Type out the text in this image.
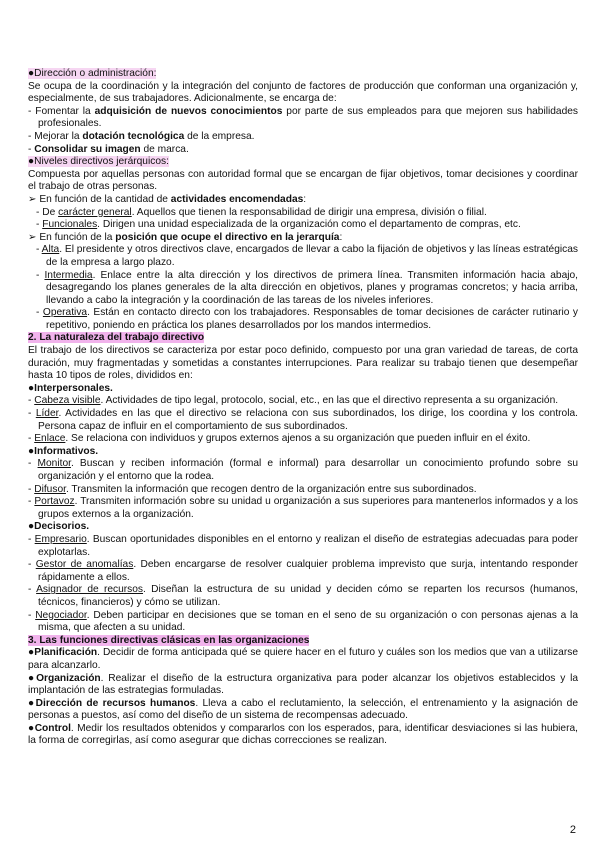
●Dirección o administración:

Se ocupa de la coordinación y la integración del conjunto de factores de producción que conforman una organización y, especialmente, de sus trabajadores. Adicionalmente, se encarga de:

- Fomentar la adquisición de nuevos conocimientos por parte de sus empleados para que mejoren sus habilidades profesionales.

- Mejorar la dotación tecnológica de la empresa.

- Consolidar su imagen de marca.

●Niveles directivos jerárquicos:

Compuesta por aquellas personas con autoridad formal que se encargan de fijar objetivos, tomar decisiones y coordinar el trabajo de otras personas.

➢ En función de la cantidad de actividades encomendadas:

- De carácter general. Aquellos que tienen la responsabilidad de dirigir una empresa, división o filial.

- Funcionales. Dirigen una unidad especializada de la organización como el departamento de compras, etc.

➢ En función de la posición que ocupe el directivo en la jerarquía:

- Alta. El presidente y otros directivos clave, encargados de llevar a cabo la fijación de objetivos y las líneas estratégicas de la empresa a largo plazo.

- Intermedia. Enlace entre la alta dirección y los directivos de primera línea. Transmiten información hacia abajo, desagregando los planes generales de la alta dirección en objetivos, planes y programas concretos; y hacia arriba, llevando a cabo la integración y la coordinación de las tareas de los niveles inferiores.

- Operativa. Están en contacto directo con los trabajadores. Responsables de tomar decisiones de carácter rutinario y repetitivo, poniendo en práctica los planes desarrollados por los mandos intermedios.

2. La naturaleza del trabajo directivo

El trabajo de los directivos se caracteriza por estar poco definido, compuesto por una gran variedad de tareas, de corta duración, muy fragmentadas y sometidas a constantes interrupciones. Para realizar su trabajo tienen que desempeñar hasta 10 tipos de roles, divididos en:

●Interpersonales.

- Cabeza visible. Actividades de tipo legal, protocolo, social, etc., en las que el directivo representa a su organización.

- Líder. Actividades en las que el directivo se relaciona con sus subordinados, los dirige, los coordina y los controla. Persona capaz de influir en el comportamiento de sus subordinados.

- Enlace. Se relaciona con individuos y grupos externos ajenos a su organización que pueden influir en el éxito.

●Informativos.

- Monitor. Buscan y reciben información (formal e informal) para desarrollar un conocimiento profundo sobre su organización y el entorno que la rodea.

- Difusor. Transmiten la información que recogen dentro de la organización entre sus subordinados.

- Portavoz. Transmiten información sobre su unidad u organización a sus superiores para mantenerlos informados y a los grupos externos a la organización.

●Decisorios.

- Empresario. Buscan oportunidades disponibles en el entorno y realizan el diseño de estrategias adecuadas para poder explotarlas.

- Gestor de anomalías. Deben encargarse de resolver cualquier problema imprevisto que surja, intentando responder rápidamente a ellos.

- Asignador de recursos. Diseñan la estructura de su unidad y deciden cómo se reparten los recursos (humanos, técnicos, financieros) y cómo se utilizan.

- Negociador. Deben participar en decisiones que se toman en el seno de su organización o con personas ajenas a la misma, que afecten a su unidad.

3. Las funciones directivas clásicas en las organizaciones

●Planificación. Decidir de forma anticipada qué se quiere hacer en el futuro y cuáles son los medios que van a utilizarse para alcanzarlo.

●Organización. Realizar el diseño de la estructura organizativa para poder alcanzar los objetivos establecidos y la implantación de las estrategias formuladas.

●Dirección de recursos humanos. Lleva a cabo el reclutamiento, la selección, el entrenamiento y la asignación de personas a puestos, así como del diseño de un sistema de recompensas adecuado.

●Control. Medir los resultados obtenidos y compararlos con los esperados, para, identificar desviaciones si las hubiera, la forma de corregirlas, así como asegurar que dichas correcciones se realizan.

2
